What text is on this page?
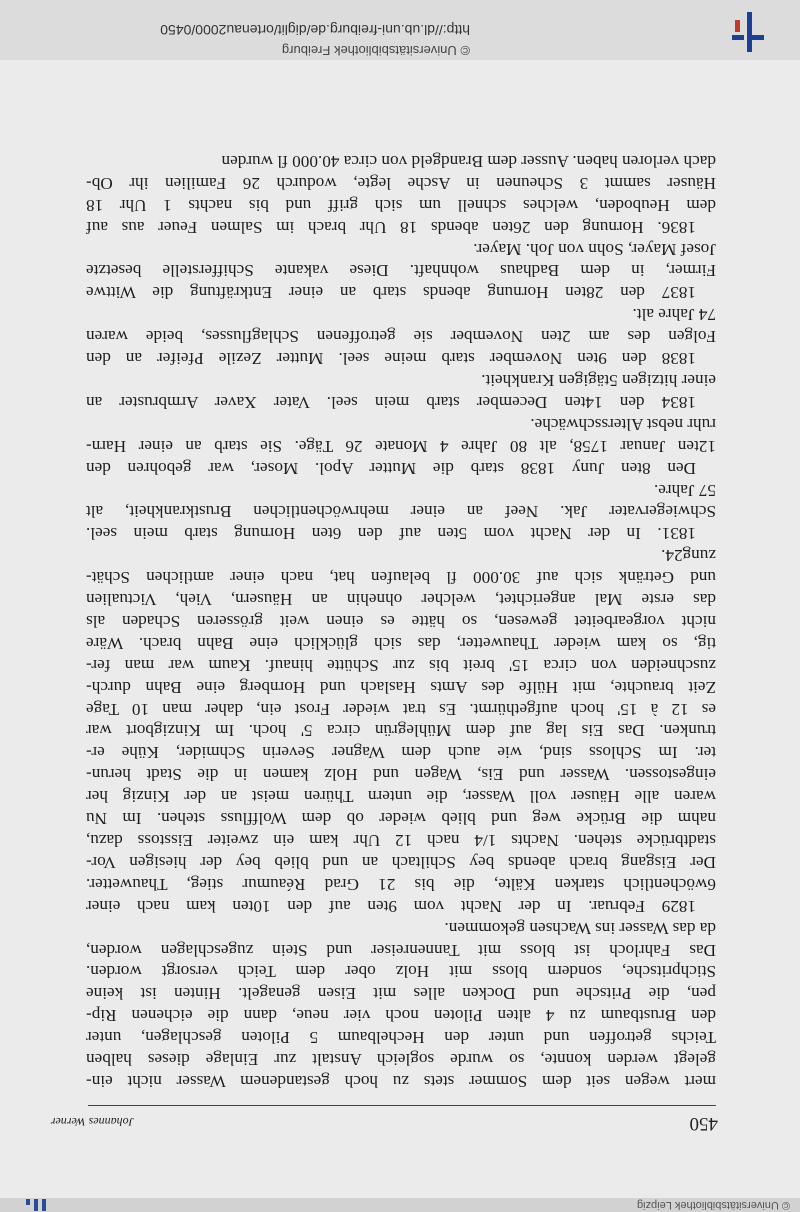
© Universitätsbibliothek Leipzig
450
Johannes Werner
mert wegen seit dem Sommer stets zu hoch gestandenem Wasser nicht ein-
gelegt werden konnte, so wurde sogleich Anstalt zur Einlage dieses halben
Teichs getroffen und unter den Hechelbaum 5 Piloten geschlagen, unter
den Brustbaum zu 4 alten Piloten noch vier neue, dann die eichenen Rip-
pen, die Pritsche und Docken alles mit Eisen genagelt. Hinten ist keine
Stichpritsche, sondern bloss mit Holz ober dem Teich versorgt worden.
Das Fahrloch ist bloss mit Tannenreiser und Stein zugeschlagen worden,
da das Wasser ins Wachsen gekommen.
1829 Februar. In der Nacht vom 9ten auf den 10ten kam nach einer
6wöchentlich starken Kälte, die bis 21 Grad Réaumur stieg, Thauwetter.
Der Eisgang brach abends bey Schiltach an und blieb bey der hiesigen Vor-
stadtbrücke stehen. Nachts 1/4 nach 12 Uhr kam ein zweiter Eisstoss dazu,
nahm die Brücke weg und blieb wieder ob dem Wolffluss stehen. Im Nu
waren alle Häuser voll Wasser, die untern Thüren meist an der Kinzig her
eingestossen. Wasser und Eis, Wagen und Holz kamen in die Stadt herun-
ter. Im Schloss sind, wie auch dem Wagner Severin Schmider, Kühe er-
trunken. Das Eis lag auf dem Mühlegrün circa 5' hoch. Im Kinzigbort war
es 12 à 15' hoch aufgethürmt. Es trat wieder Frost ein, daher man 10 Tage
Zeit brauchte, mit Hülfe des Amts Haslach und Hornberg eine Bahn durch-
zuschneiden von circa 15' breit bis zur Schütte hinauf. Kaum war man fer-
tig, so kam wieder Thauwetter, das sich glücklich eine Bahn brach. Wäre
nicht vorgearbeitet gewesen, so hätte es einen weit grösseren Schaden als
das erste Mal angerichtet, welcher ohnehin an Häusern, Vieh, Victualien
und Getränk sich auf 30.000 fl belaufen hat, nach einer amtlichen Schät-
zung24.
1831. In der Nacht vom 5ten auf den 6ten Hornung starb mein seel.
Schwiegervater Jak. Neef an einer mehrwöchentlichen Brustkrankheit, alt
57 Jahre.
Den 8ten Juny 1838 starb die Mutter Apol. Moser, war gebohren den
12ten Januar 1758, alt 80 Jahre 4 Monate 26 Täge. Sie starb an einer Harn-
ruhr nebst Altersschwäche.
1834 den 14ten December starb mein seel. Vater Xaver Armbruster an
einer hitzigen 5tägigen Krankheit.
1838 den 9ten November starb meine seel. Mutter Zezile Pfeifer an den
Folgen des am 2ten November sie getroffenen Schlagflusses, beide waren
74 Jahre alt.
1837 den 28ten Hornung abends starb an einer Entkräftung die Wittwe
Firmer, in dem Badhaus wohnhaft. Diese vakante Schifferstelle besetzte
Josef Mayer, Sohn von Joh. Mayer.
1836. Hornung den 26ten abends 18 Uhr brach im Salmen Feuer aus auf
dem Heuboden, welches schnell um sich griff und bis nachts 1 Uhr 18
Häuser sammt 3 Scheunen in Asche legte, wodurch 26 Familien ihr Ob-
dach verloren haben. Ausser dem Brandgeld von circa 40.000 fl wurden
© Universitätsbibliothek Freiburg
http://dl.ub.uni-freiburg.de/diglit/ortenau2000/0450
